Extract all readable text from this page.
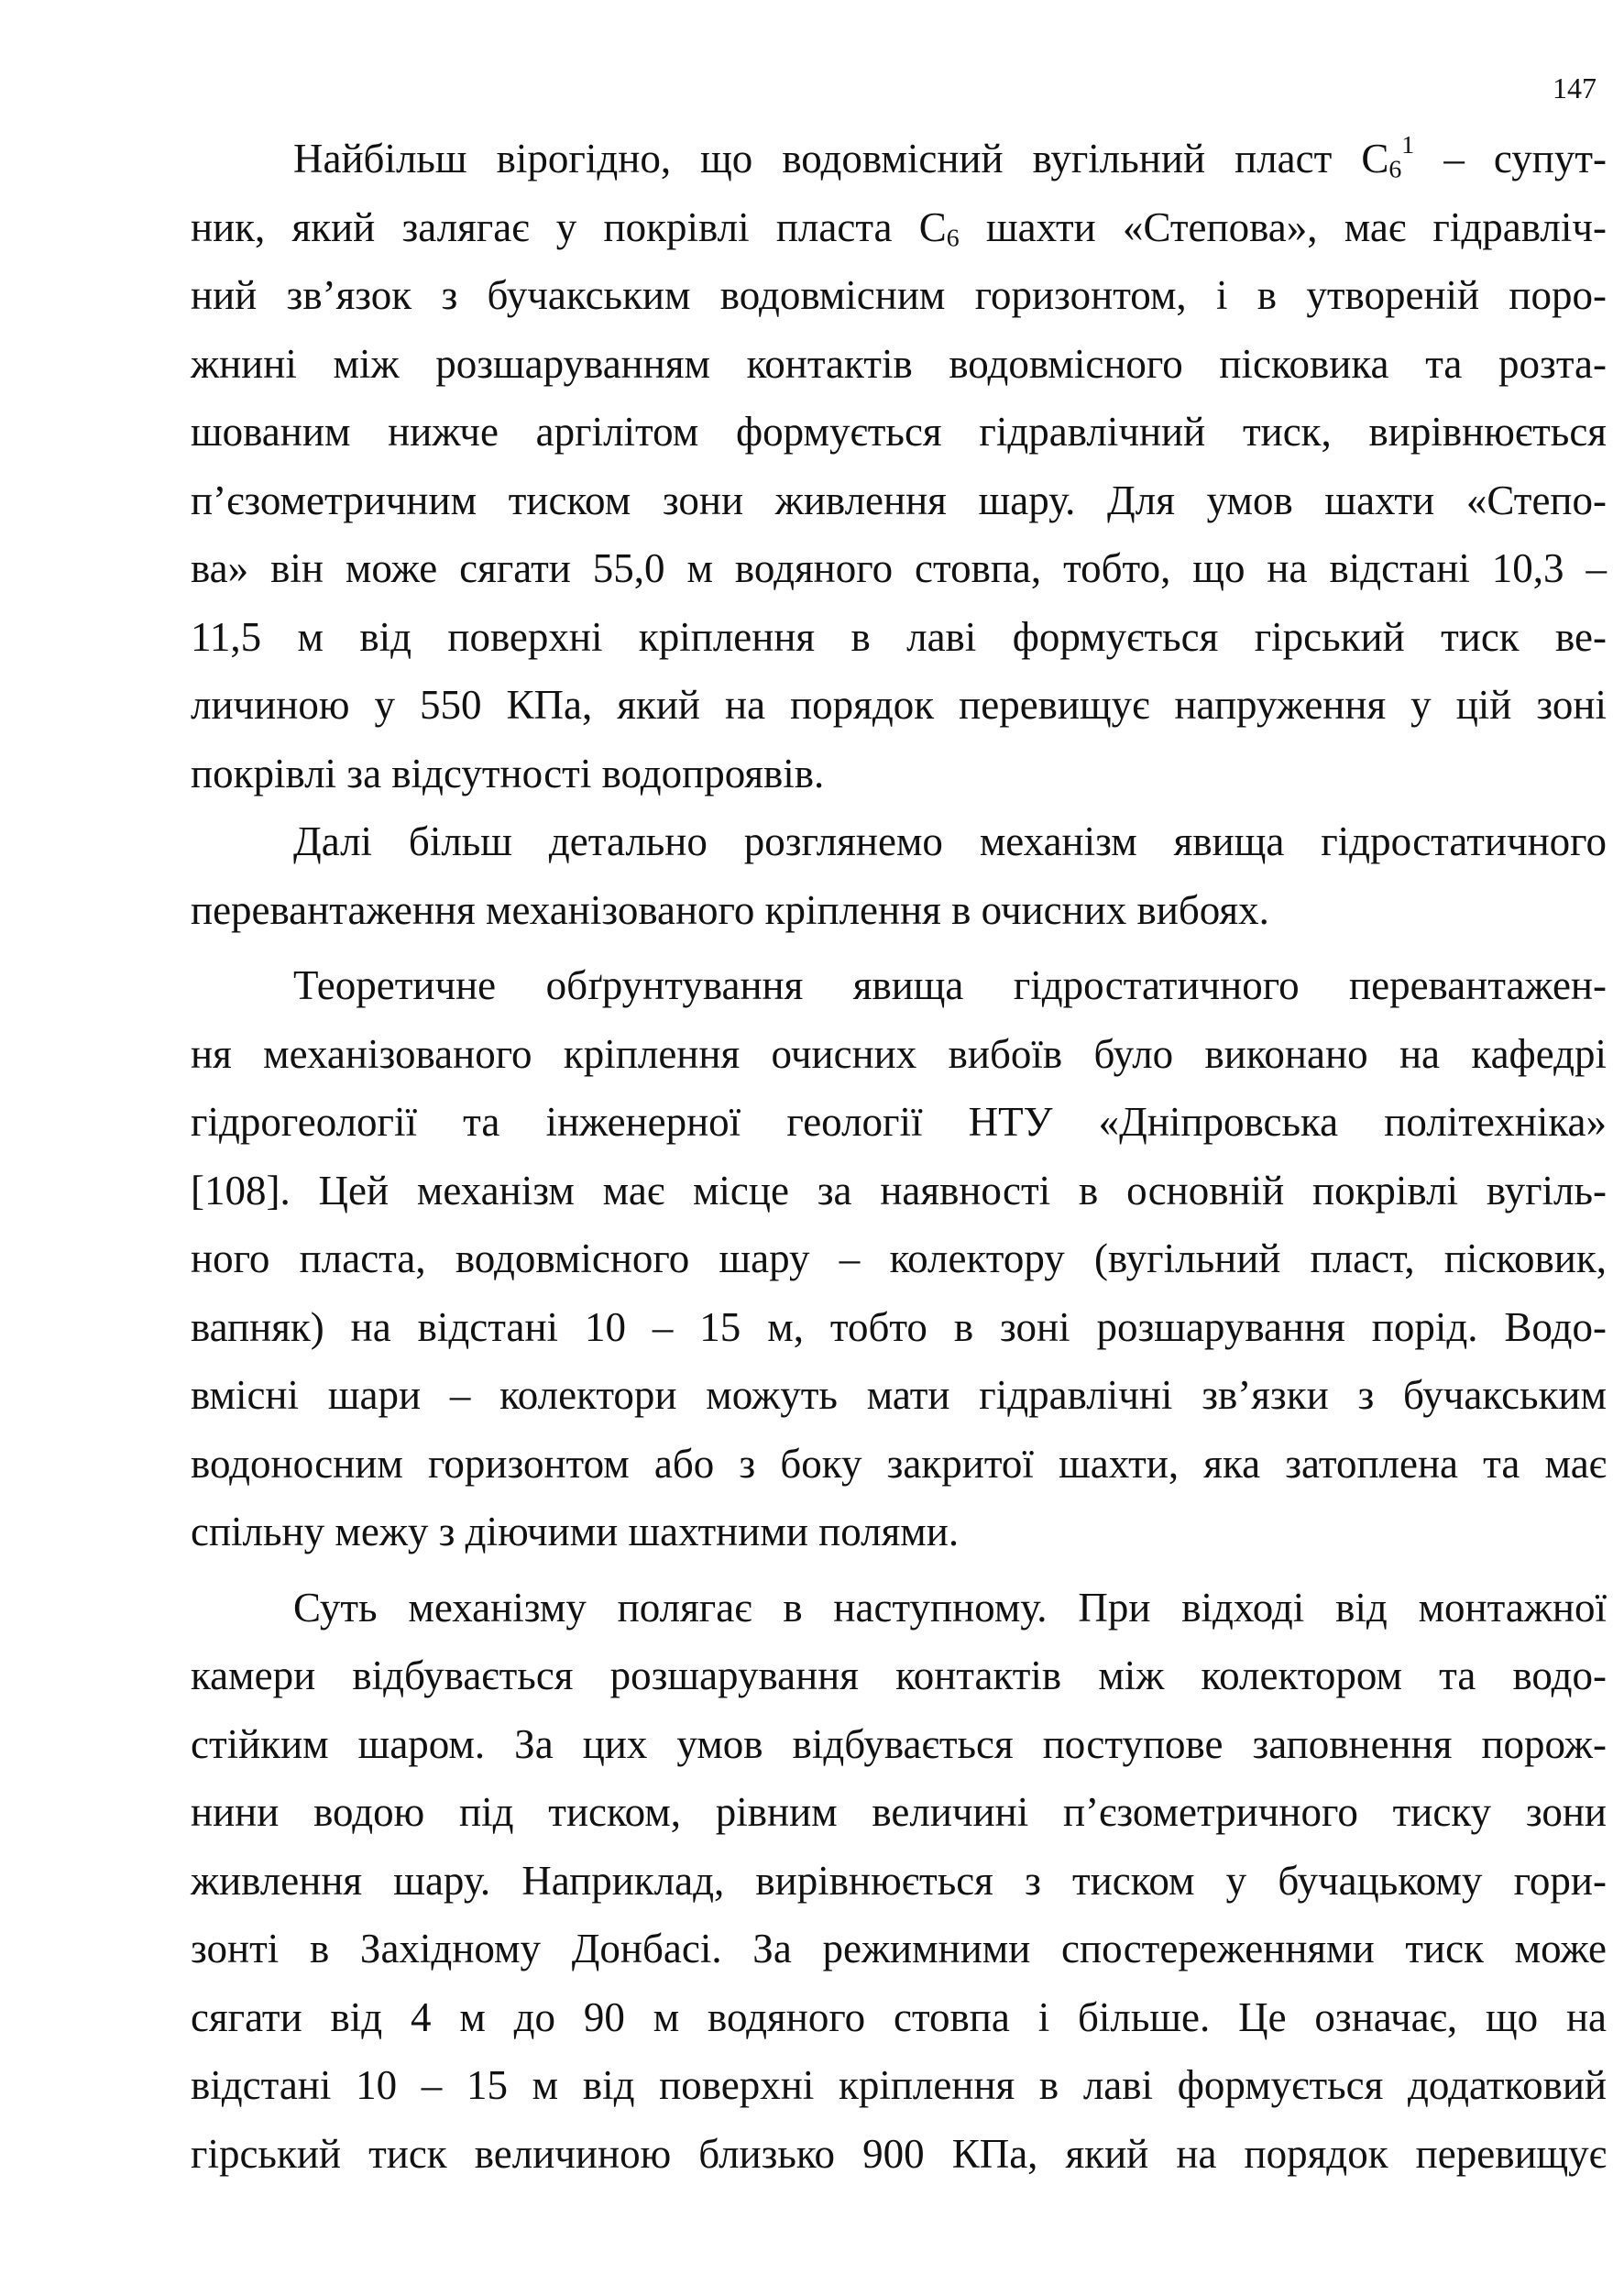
147
Найбільш вірогідно, що водовмісний вугільний пласт $С_6^1$ – супут-
ник, який залягає у покрівлі пласта $С_6$ шахти «Степова», має гідравліч-
ний зв’язок з бучакським водовмісним горизонтом, і в утвореній поро-
жнині між розшаруванням контактів водовмісного пісковика та розта-
шованим нижче аргілітом формується гідравлічний тиск, вирівнюється
п’єзометричним тиском зони живлення шару. Для умов шахти «Степо-
ва» він може сягати 55,0 м водяного стовпа, тобто, що на відстані 10,3 –
11,5 м від поверхні кріплення в лаві формується гірський тиск ве-
личиною у 550 КПа, який на порядок перевищує напруження у цій зоні
покрівлі за відсутності водопроявів.
Далі більш детально розглянемо механізм явища гідростатичного
перевантаження механізованого кріплення в очисних вибоях.
Теоретичне обґрунтування явища гідростатичного перевантажен-
ня механізованого кріплення очисних вибоїв було виконано на кафедрі
гідрогеології та інженерної геології НТУ «Дніпровська політехніка»
[108]. Цей механізм має місце за наявності в основній покрівлі вугіль-
ного пласта, водовмісного шару – колектору (вугільний пласт, пісковик,
вапняк) на відстані 10 – 15 м, тобто в зоні розшарування порід. Водо-
вмісні шари – колектори можуть мати гідравлічні зв’язки з бучакським
водоносним горизонтом або з боку закритої шахти, яка затоплена та має
спільну межу з діючими шахтними полями.
Суть механізму полягає в наступному. При відході від монтажної
камери відбувається розшарування контактів між колектором та водо-
стійким шаром. За цих умов відбувається поступове заповнення порож-
нини водою під тиском, рівним величині п’єзометричного тиску зони
живлення шару. Наприклад, вирівнюється з тиском у бучацькому гори-
зонті в Західному Донбасі. За режимними спостереженнями тиск може
сягати від 4 м до 90 м водяного стовпа і більше. Це означає, що на
відстані 10 – 15 м від поверхні кріплення в лаві формується додатковий
гірський тиск величиною близько 900 КПа, який на порядок перевищує
